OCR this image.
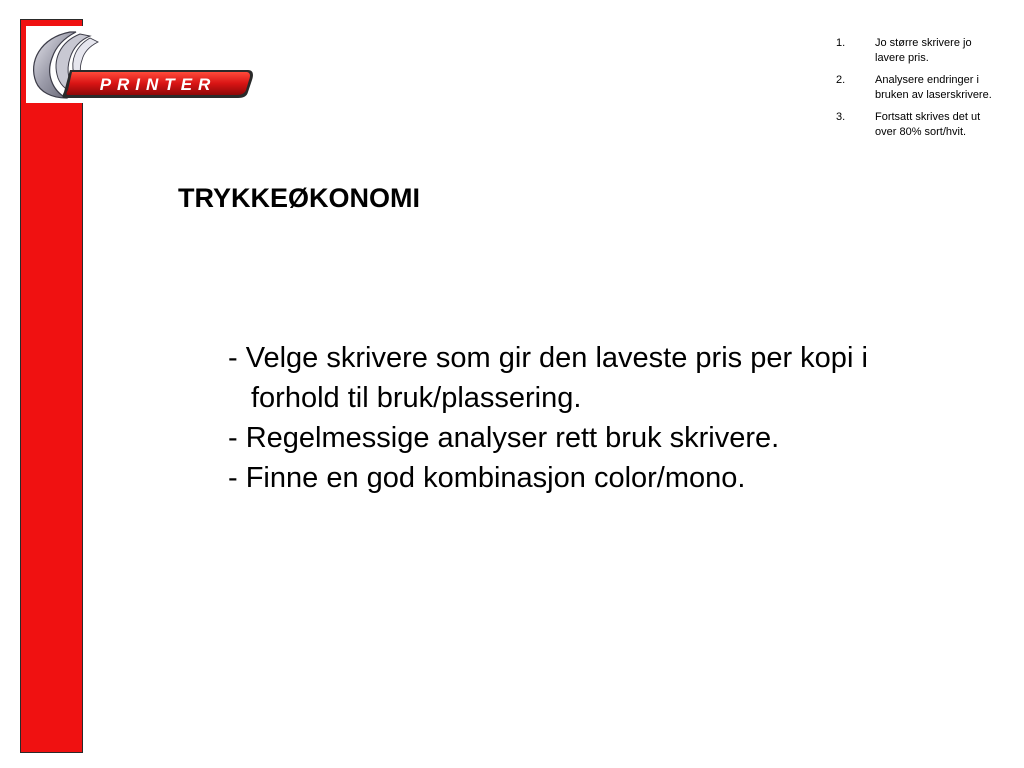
PRINTER
TRYKKEØKONOMI
1.	Jo større skrivere jo lavere pris.
2.	Analysere endringer i bruken av laserskrivere.
3.	Fortsatt skrives det ut over 80% sort/hvit.
- Velge skrivere som gir den laveste pris per kopi i forhold til bruk/plassering.
- Regelmessige analyser rett bruk skrivere.
- Finne en god kombinasjon color/mono.
